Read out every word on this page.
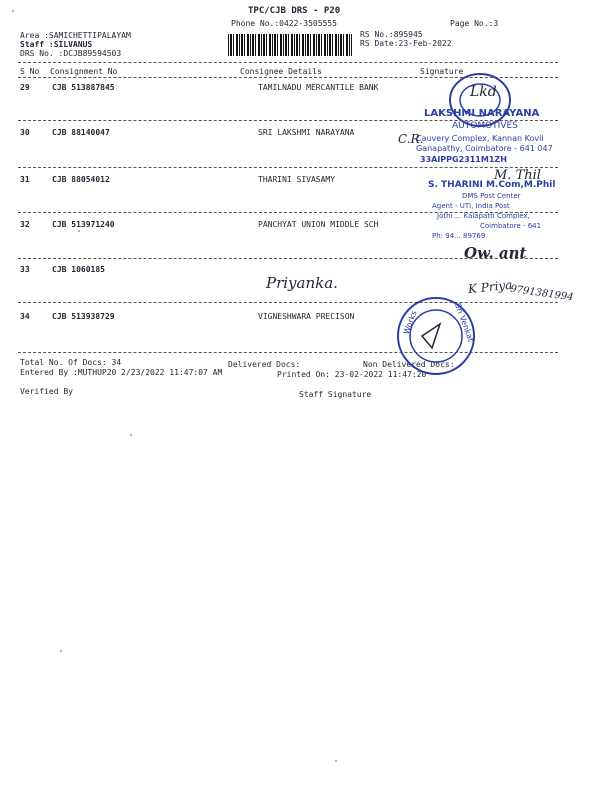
TPC/CJB DRS - P20
Phone No.:0422-3505555	Page No.:3
Area :SAMICHETTIPALAYAM
Staff :SILVANUS
DRS No. :DCJB89594503
RS No.:895945
RS Date:23-Feb-2022
S No Consignment No	Consignee Details	Signature
29	CJB 513887845	TAMILNADU MERCANTILE BANK
30	CJB 88140047	SRI LAKSHMI NARAYANA
31	CJB 88054012	THARINI SIVASAMY
32	CJB 513971240	PANCHYAT UNION MIDDLE SCH
33	CJB 1060185
34	CJB 513938729	VIGNESHWARA PRECISON
Total No. Of Docs: 34	Delivered Docs:	Non Delivered Docs:
Entered By :MUTHUP20 2/23/2022 11:47:07 AM	Printed On: 23-02-2022 11:47:20
Verified By	Staff Signature
LAKSHMI NARAYANA
AUTOMOTIVES
Cauvery Complex, Kannan Kovil
Ganapathy, Coimbatore - 641 047
33AIPPG2311M1ZH
S. THARINI M.Com,M.Phil
DMS Post Center
Agent - UTI, India Post
Jothi ... Kalapatti Complex,
Coimbatore - 641
Ph: 94... 89769
Works	Sri Venkat
Lkd
C.R.
M. Thil
Ow. ant
Priyanka.	K Priya
9791381994
